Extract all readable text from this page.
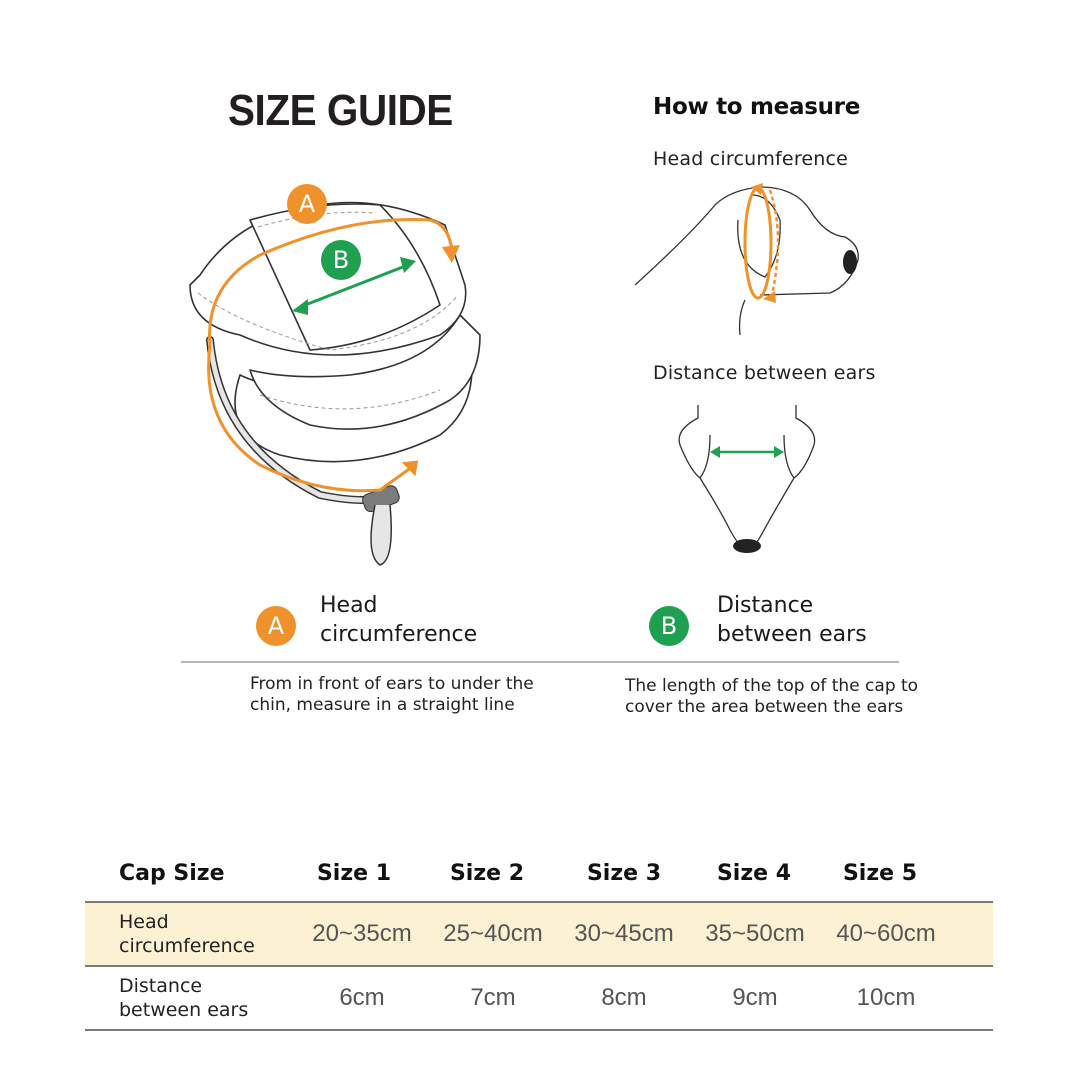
SIZE GUIDE	How to measure
Head circumference
Distance between ears
A
B
A
Head
circumference	B
Distance
between ears
From in front of ears to under the
chin, measure in a straight line
The length of the top of the cap to
cover the area between the ears
Cap Size	Size 1	Size 2	Size 3	Size 4 Size 5
Head
circumference	20~35cm 25~40cm 30~45cm 35~50cm 40~60cm
Distance
between ears	6cm	7cm	8cm	9cm	10cm
